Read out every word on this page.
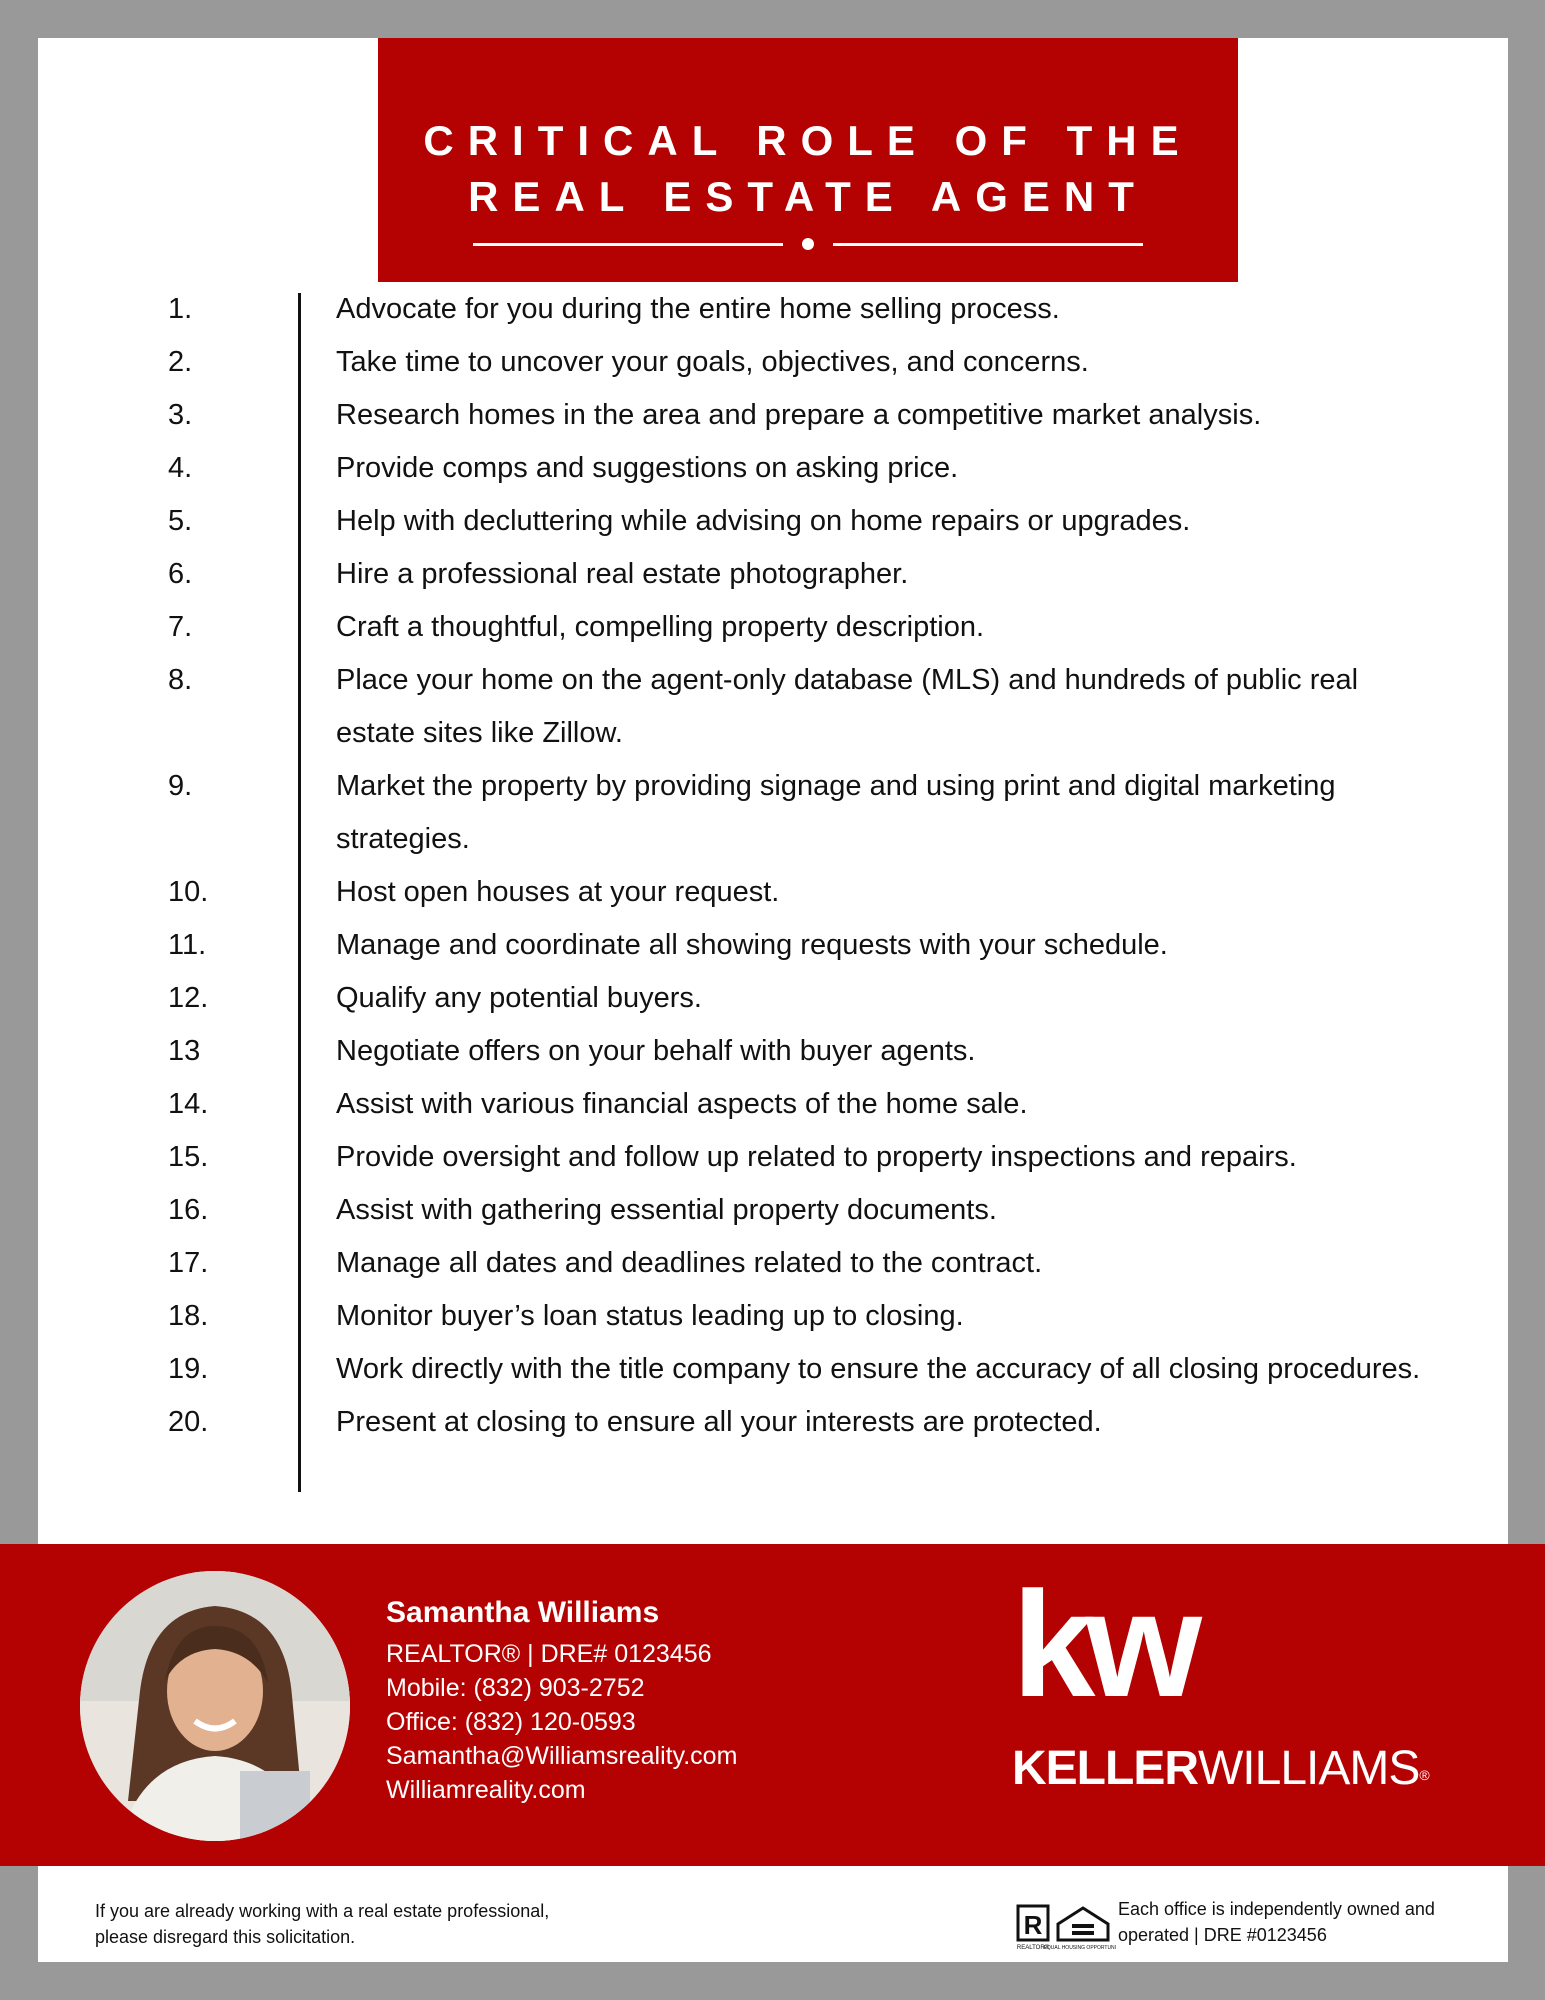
CRITICAL ROLE OF THE

REAL ESTATE AGENT

1.	Advocate for you during the entire home selling process.
2.	Take time to uncover your goals, objectives, and concerns.
3.	Research homes in the area and prepare a competitive market analysis.
4.	Provide comps and suggestions on asking price.
5.	Help with decluttering while advising on home repairs or upgrades.
6.	Hire a professional real estate photographer.
7.	Craft a thoughtful, compelling property description.
8.	Place your home on the agent-only database (MLS) and hundreds of public real estate sites like Zillow.
9.	Market the property by providing signage and using print and digital marketing strategies.
10.	Host open houses at your request.
11.	Manage and coordinate all showing requests with your schedule.
12.	Qualify any potential buyers.
13	Negotiate offers on your behalf with buyer agents.
14.	Assist with various financial aspects of the home sale.
15.	Provide oversight and follow up related to property inspections and repairs.
16.	Assist with gathering essential property documents.
17.	Manage all dates and deadlines related to the contract.
18.	Monitor buyer’s loan status leading up to closing.
19.	Work directly with the title company to ensure the accuracy of all closing procedures.
20.	Present at closing to ensure all your interests are protected.
Samantha Williams
REALTOR® | DRE# 0123456
Mobile: (832) 903-2752
Office: (832) 120-0593
Samantha@Williamsreality.com
Williamreality.com
kw
KELLERWILLIAMS®
If you are already working with a real estate professional, please disregard this solicitation.	R
REALTOR®
EQUAL HOUSING OPPORTUNITY
Each office is independently owned and operated | DRE #0123456
